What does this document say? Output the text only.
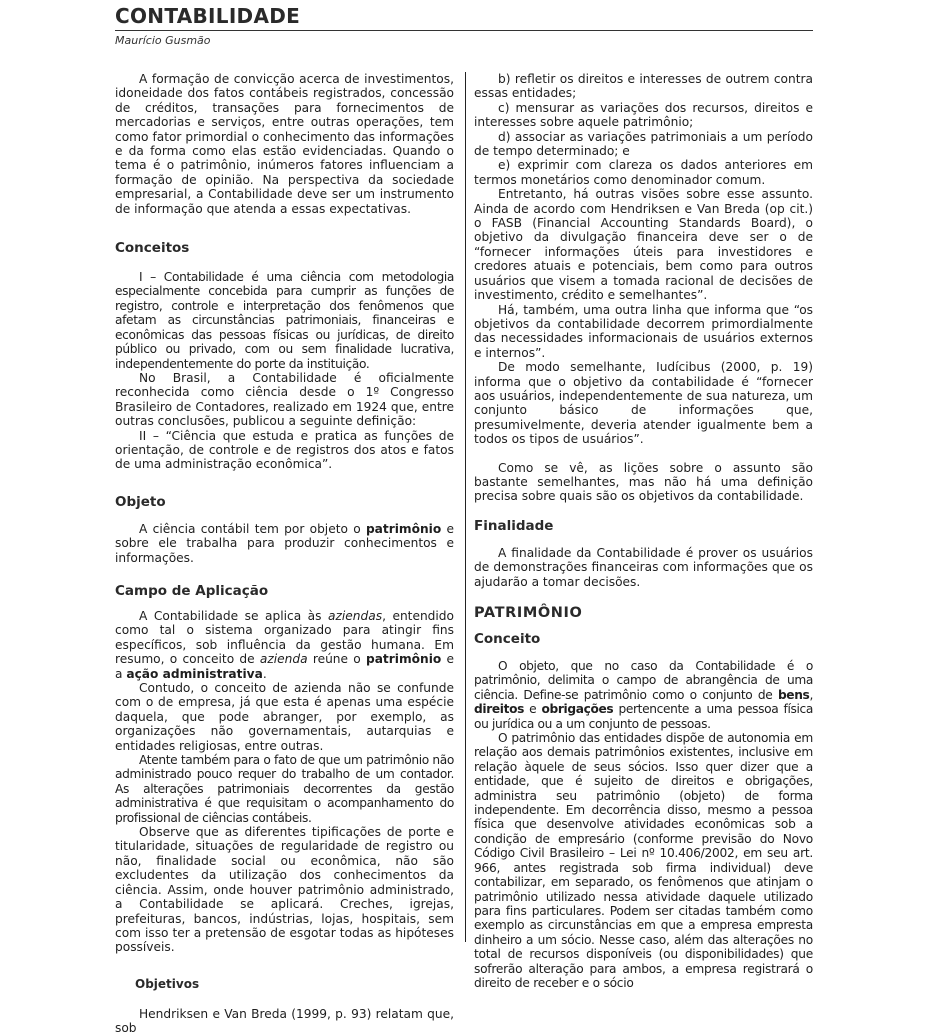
CONTABILIDADE
Maurício Gusmão

A formação de convicção acerca de investimentos, idoneidade dos fatos contábeis registrados, concessão de créditos, transações para fornecimentos de mercadorias e serviços, entre outras operações, tem como fator primordial o conhecimento das informações e da forma como elas estão evidenciadas. Quando o tema é o patrimônio, inúmeros fatores influenciam a formação de opinião. Na perspectiva da sociedade empresarial, a Contabilidade deve ser um instrumento de informação que atenda a essas expectativas.

Conceitos

I – Contabilidade é uma ciência com metodologia especialmente concebida para cumprir as funções de registro, controle e interpretação dos fenômenos que afetam as circunstâncias patrimoniais, financeiras e econômicas das pessoas físicas ou jurídicas, de direito público ou privado, com ou sem finalidade lucrativa, independentemente do porte da instituição.

No Brasil, a Contabilidade é oficialmente reconhecida como ciência desde o 1º Congresso Brasileiro de Contadores, realizado em 1924 que, entre outras conclusões, publicou a seguinte definição:

II – “Ciência que estuda e pratica as funções de orientação, de controle e de registros dos atos e fatos de uma administração econômica”.

Objeto

A ciência contábil tem por objeto o patrimônio e sobre ele trabalha para produzir conhecimentos e informações.

Campo de Aplicação

A Contabilidade se aplica às aziendas, entendido como tal o sistema organizado para atingir fins específicos, sob influência da gestão humana. Em resumo, o conceito de azienda reúne o patrimônio e a ação administrativa.

Contudo, o conceito de azienda não se confunde com o de empresa, já que esta é apenas uma espécie daquela, que pode abranger, por exemplo, as organizações não governamentais, autarquias e entidades religiosas, entre outras.

Atente também para o fato de que um patrimônio não administrado pouco requer do trabalho de um contador. As alterações patrimoniais decorrentes da gestão administrativa é que requisitam o acompanhamento do profissional de ciências contábeis.

Observe que as diferentes tipificações de porte e titularidade, situações de regularidade de registro ou não, finalidade social ou econômica, não são excludentes da utilização dos conhecimentos da ciência. Assim, onde houver patrimônio administrado, a Contabilidade se aplicará. Creches, igrejas, prefeituras, bancos, indústrias, lojas, hospitais, sem com isso ter a pretensão de esgotar todas as hipóteses possíveis.

Objetivos

Hendriksen e Van Breda (1999, p. 93) relatam que, sob

b) refletir os direitos e interesses de outrem contra essas entidades;

c) mensurar as variações dos recursos, direitos e interesses sobre aquele patrimônio;

d) associar as variações patrimoniais a um período de tempo determinado; e

e) exprimir com clareza os dados anteriores em termos monetários como denominador comum.

Entretanto, há outras visões sobre esse assunto. Ainda de acordo com Hendriksen e Van Breda (op cit.) o FASB (Financial Accounting Standards Board), o objetivo da divulgação financeira deve ser o de “fornecer informações úteis para investidores e credores atuais e potenciais, bem como para outros usuários que visem a tomada racional de decisões de investimento, crédito e semelhantes”.

Há, também, uma outra linha que informa que “os objetivos da contabilidade decorrem primordialmente das necessidades informacionais de usuários externos e internos”.

De modo semelhante, Iudícibus (2000, p. 19) informa que o objetivo da contabilidade é “fornecer aos usuários, independentemente de sua natureza, um conjunto básico de informações que, presumivelmente, deveria atender igualmente bem a todos os tipos de usuários”.

Como se vê, as lições sobre o assunto são bastante semelhantes, mas não há uma definição precisa sobre quais são os objetivos da contabilidade.

Finalidade

A finalidade da Contabilidade é prover os usuários de demonstrações financeiras com informações que os ajudarão a tomar decisões.

PATRIMÔNIO

Conceito

O objeto, que no caso da Contabilidade é o patrimônio, delimita o campo de abrangência de uma ciência. Define-se patrimônio como o conjunto de bens, direitos e obrigações pertencente a uma pessoa física ou jurídica ou a um conjunto de pessoas.

O patrimônio das entidades dispõe de autonomia em relação aos demais patrimônios existentes, inclusive em relação àquele de seus sócios. Isso quer dizer que a entidade, que é sujeito de direitos e obrigações, administra seu patrimônio (objeto) de forma independente. Em decorrência disso, mesmo a pessoa física que desenvolve atividades econômicas sob a condição de empresário (conforme previsão do Novo Código Civil Brasileiro – Lei nº 10.406/2002, em seu art. 966, antes registrada sob firma individual) deve contabilizar, em separado, os fenômenos que atinjam o patrimônio utilizado nessa atividade daquele utilizado para fins particulares. Podem ser citadas também como exemplo as circunstâncias em que a empresa empresta dinheiro a um sócio. Nesse caso, além das alterações no total de recursos disponíveis (ou disponibilidades) que sofrerão alteração para ambos, a empresa registrará o direito de receber e o sócio
